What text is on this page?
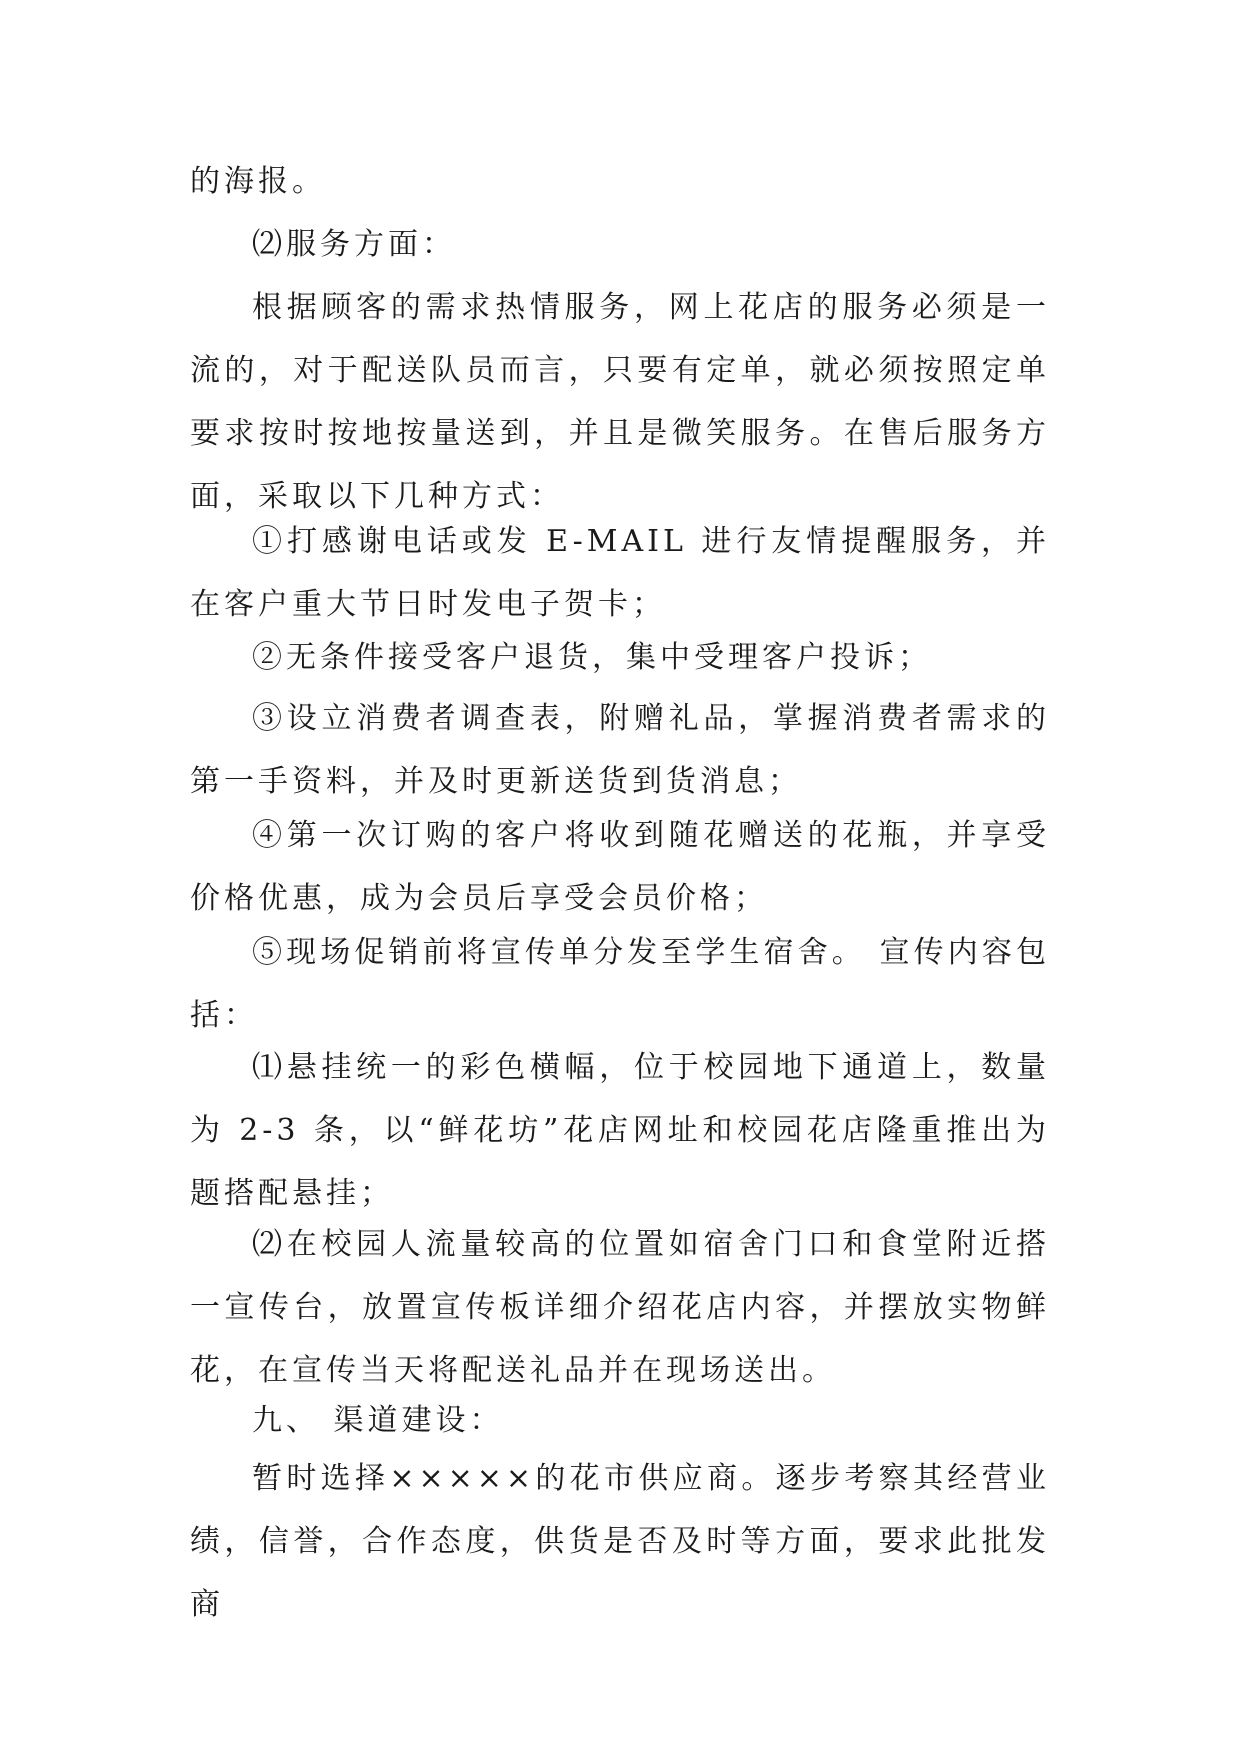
的海报。

⑵服务方面：

根据顾客的需求热情服务，网上花店的服务必须是一流的，对于配送队员而言，只要有定单，就必须按照定单要求按时按地按量送到，并且是微笑服务。在售后服务方面，采取以下几种方式：

①打感谢电话或发 E-MAIL 进行友情提醒服务，并在客户重大节日时发电子贺卡；

②无条件接受客户退货，集中受理客户投诉；

③设立消费者调查表，附赠礼品，掌握消费者需求的第一手资料，并及时更新送货到货消息；

④第一次订购的客户将收到随花赠送的花瓶，并享受价格优惠，成为会员后享受会员价格；

⑤现场促销前将宣传单分发至学生宿舍。 宣传内容包括：

⑴悬挂统一的彩色横幅，位于校园地下通道上，数量为 2-3 条，以“鲜花坊”花店网址和校园花店隆重推出为题搭配悬挂；

⑵在校园人流量较高的位置如宿舍门口和食堂附近搭一宣传台，放置宣传板详细介绍花店内容，并摆放实物鲜花，在宣传当天将配送礼品并在现场送出。

九、 渠道建设：

暂时选择×××××的花市供应商。逐步考察其经营业绩，信誉，合作态度，供货是否及时等方面，要求此批发商
